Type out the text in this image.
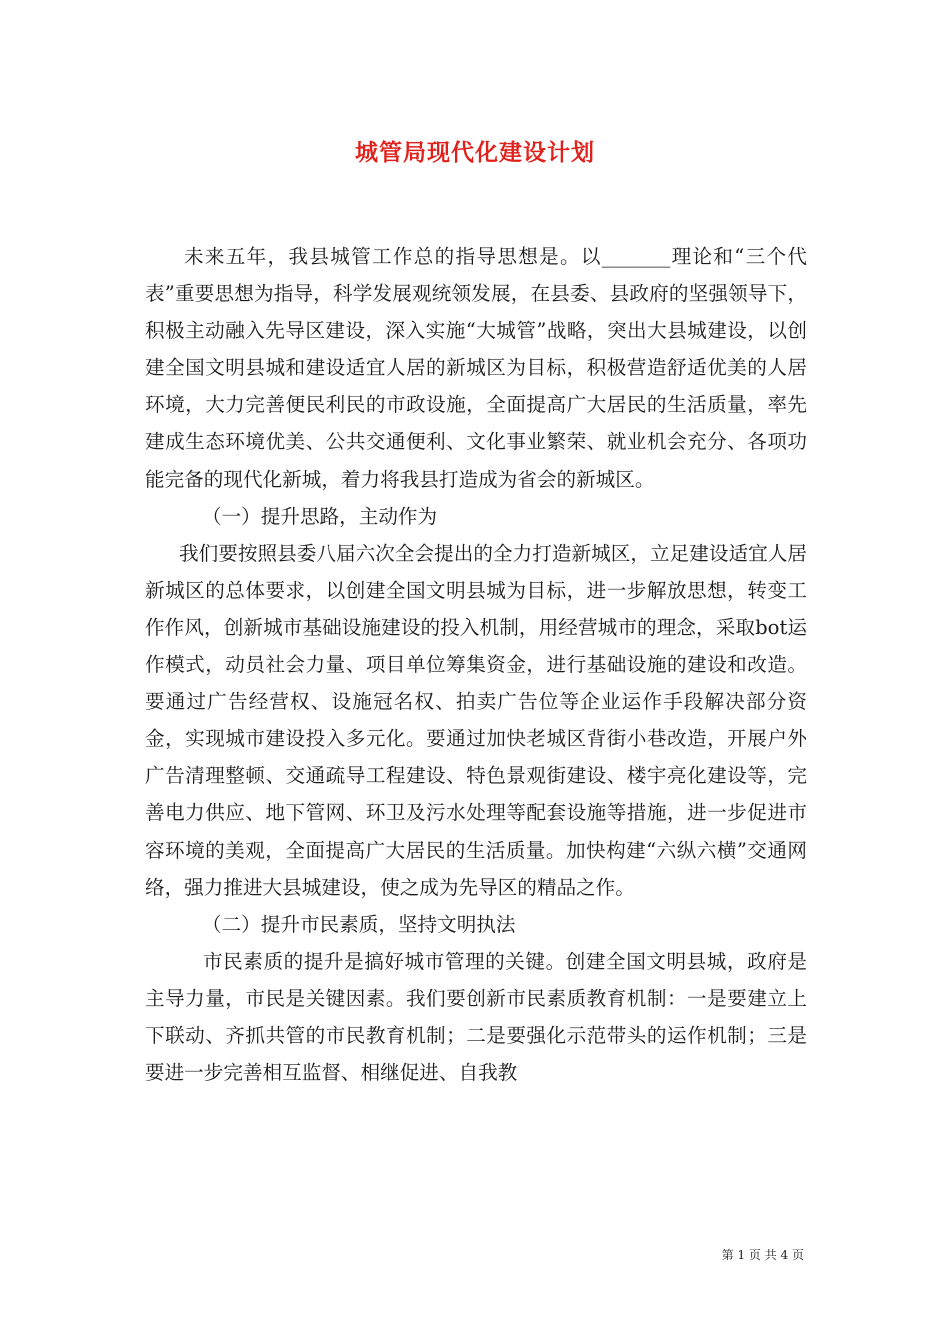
城管局现代化建设计划

未来五年，我县城管工作总的指导思想是。以_______理论和“三个代表”重要思想为指导，科学发展观统领发展，在县委、县政府的坚强领导下，积极主动融入先导区建设，深入实施“大城管”战略，突出大县城建设，以创建全国文明县城和建设适宜人居的新城区为目标，积极营造舒适优美的人居环境，大力完善便民利民的市政设施，全面提高广大居民的生活质量，率先建成生态环境优美、公共交通便利、文化事业繁荣、就业机会充分、各项功能完备的现代化新城，着力将我县打造成为省会的新城区。

（一）提升思路，主动作为

我们要按照县委八届六次全会提出的全力打造新城区，立足建设适宜人居新城区的总体要求，以创建全国文明县城为目标，进一步解放思想，转变工作作风，创新城市基础设施建设的投入机制，用经营城市的理念，采取bot运作模式，动员社会力量、项目单位筹集资金，进行基础设施的建设和改造。要通过广告经营权、设施冠名权、拍卖广告位等企业运作手段解决部分资金，实现城市建设投入多元化。要通过加快老城区背街小巷改造，开展户外广告清理整顿、交通疏导工程建设、特色景观街建设、楼宇亮化建设等，完善电力供应、地下管网、环卫及污水处理等配套设施等措施，进一步促进市容环境的美观，全面提高广大居民的生活质量。加快构建“六纵六横”交通网络，强力推进大县城建设，使之成为先导区的精品之作。

（二）提升市民素质，坚持文明执法

市民素质的提升是搞好城市管理的关键。创建全国文明县城，政府是主导力量，市民是关键因素。我们要创新市民素质教育机制：一是要建立上下联动、齐抓共管的市民教育机制；二是要强化示范带头的运作机制；三是要进一步完善相互监督、相继促进、自我教

第 1 页 共 4 页
